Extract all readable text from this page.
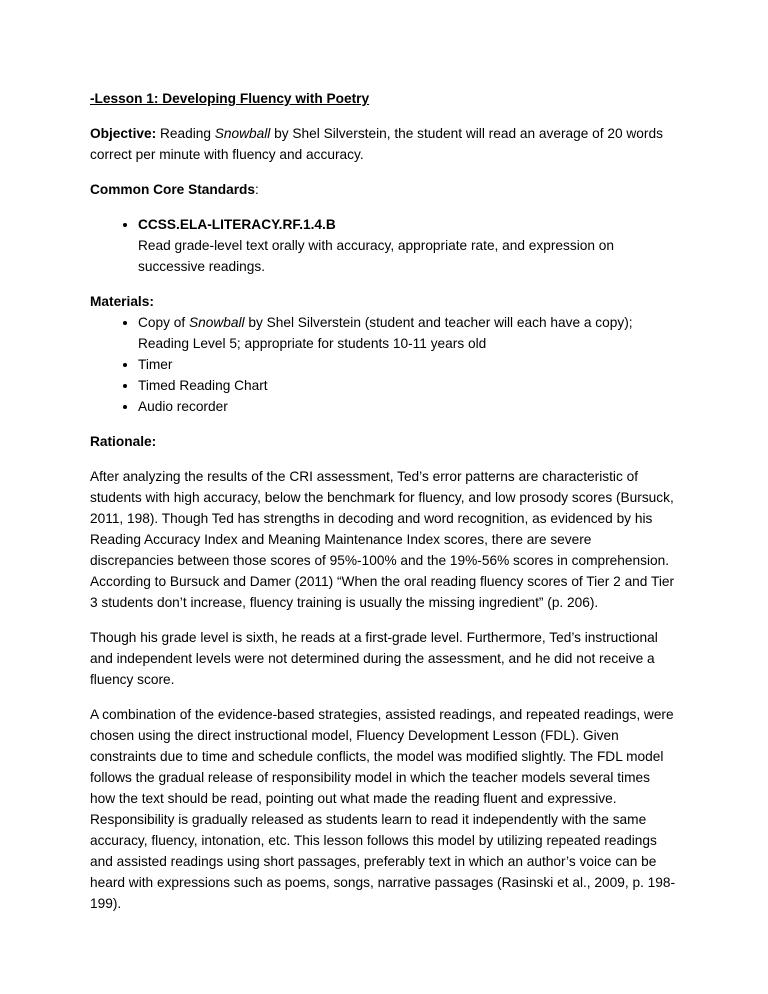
-Lesson 1: Developing Fluency with Poetry

Objective: Reading Snowball by Shel Silverstein, the student will read an average of 20 words correct per minute with fluency and accuracy.

Common Core Standards:

• CCSS.ELA-LITERACY.RF.1.4.B
Read grade-level text orally with accuracy, appropriate rate, and expression on successive readings.

Materials:

• Copy of Snowball by Shel Silverstein (student and teacher will each have a copy); Reading Level 5; appropriate for students 10-11 years old
• Timer
• Timed Reading Chart
• Audio recorder

Rationale:

After analyzing the results of the CRI assessment, Ted’s error patterns are characteristic of students with high accuracy, below the benchmark for fluency, and low prosody scores (Bursuck, 2011, 198). Though Ted has strengths in decoding and word recognition, as evidenced by his Reading Accuracy Index and Meaning Maintenance Index scores, there are severe discrepancies between those scores of 95%-100% and the 19%-56% scores in comprehension. According to Bursuck and Damer (2011) “When the oral reading fluency scores of Tier 2 and Tier 3 students don’t increase, fluency training is usually the missing ingredient” (p. 206).

Though his grade level is sixth, he reads at a first-grade level. Furthermore, Ted’s instructional and independent levels were not determined during the assessment, and he did not receive a fluency score.

A combination of the evidence-based strategies, assisted readings, and repeated readings, were chosen using the direct instructional model, Fluency Development Lesson (FDL). Given constraints due to time and schedule conflicts, the model was modified slightly. The FDL model follows the gradual release of responsibility model in which the teacher models several times how the text should be read, pointing out what made the reading fluent and expressive. Responsibility is gradually released as students learn to read it independently with the same accuracy, fluency, intonation, etc. This lesson follows this model by utilizing repeated readings and assisted readings using short passages, preferably text in which an author’s voice can be heard with expressions such as poems, songs, narrative passages (Rasinski et al., 2009, p. 198-199).
